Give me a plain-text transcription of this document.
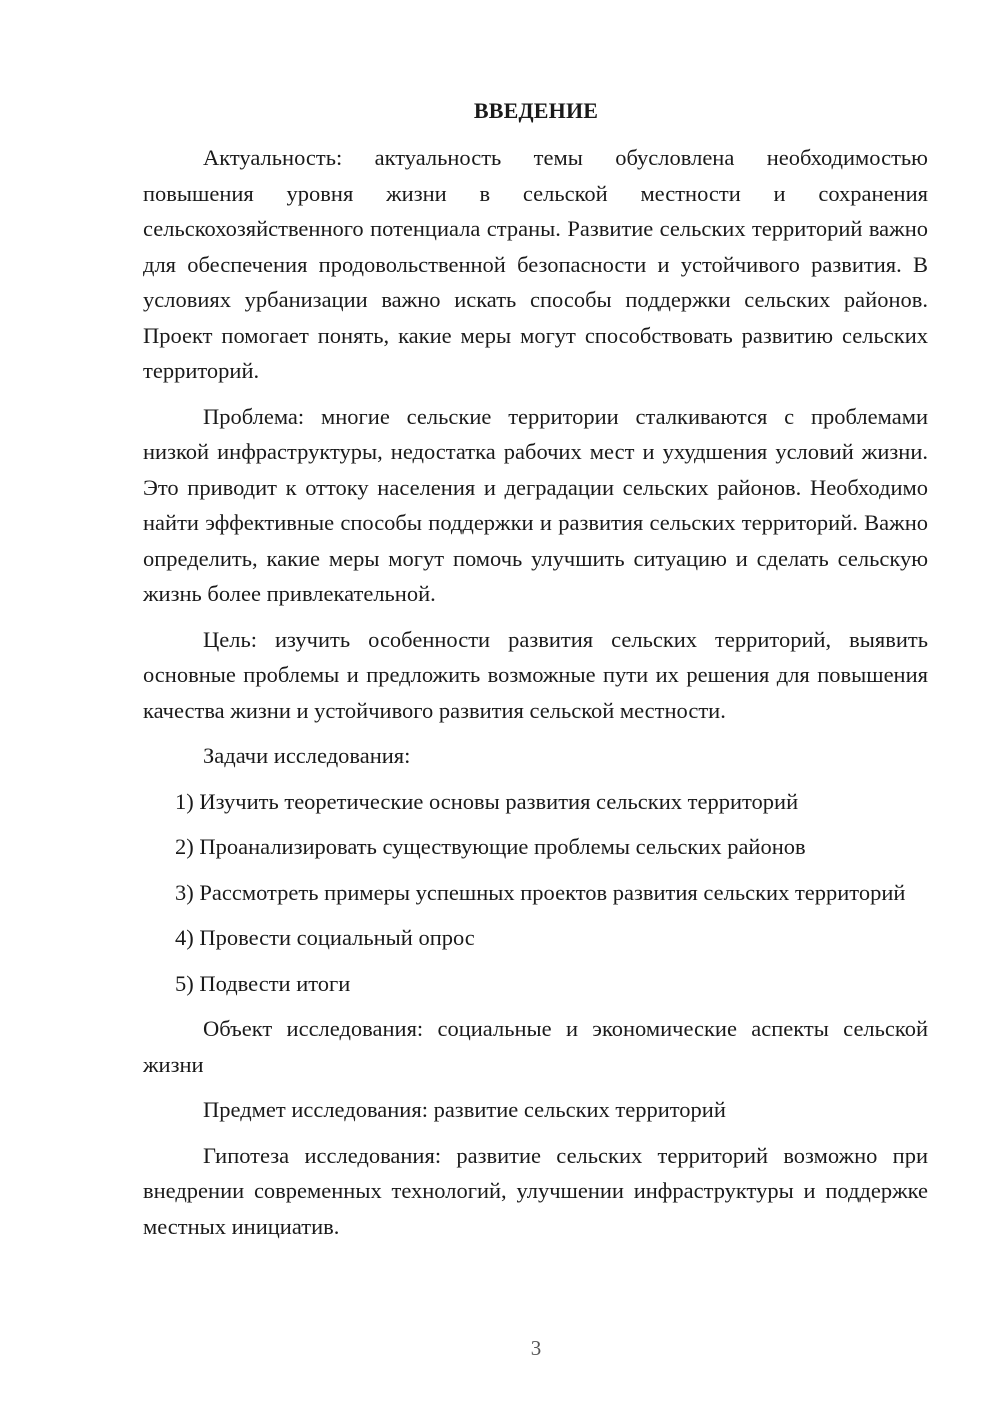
ВВЕДЕНИЕ

Актуальность: актуальность темы обусловлена необходимостью повышения уровня жизни в сельской местности и сохранения сельскохозяйственного потенциала страны. Развитие сельских территорий важно для обеспечения продовольственной безопасности и устойчивого развития. В условиях урбанизации важно искать способы поддержки сельских районов. Проект помогает понять, какие меры могут способствовать развитию сельских территорий.

Проблема: многие сельские территории сталкиваются с проблемами низкой инфраструктуры, недостатка рабочих мест и ухудшения условий жизни. Это приводит к оттоку населения и деградации сельских районов. Необходимо найти эффективные способы поддержки и развития сельских территорий. Важно определить, какие меры могут помочь улучшить ситуацию и сделать сельскую жизнь более привлекательной.

Цель: изучить особенности развития сельских территорий, выявить основные проблемы и предложить возможные пути их решения для повышения качества жизни и устойчивого развития сельской местности.

Задачи исследования:

1) Изучить теоретические основы развития сельских территорий

2) Проанализировать существующие проблемы сельских районов

3) Рассмотреть примеры успешных проектов развития сельских территорий

4) Провести социальный опрос

5) Подвести итоги

Объект исследования: социальные и экономические аспекты сельской жизни

Предмет исследования: развитие сельских территорий

Гипотеза исследования: развитие сельских территорий возможно при внедрении современных технологий, улучшении инфраструктуры и поддержке местных инициатив.

3
